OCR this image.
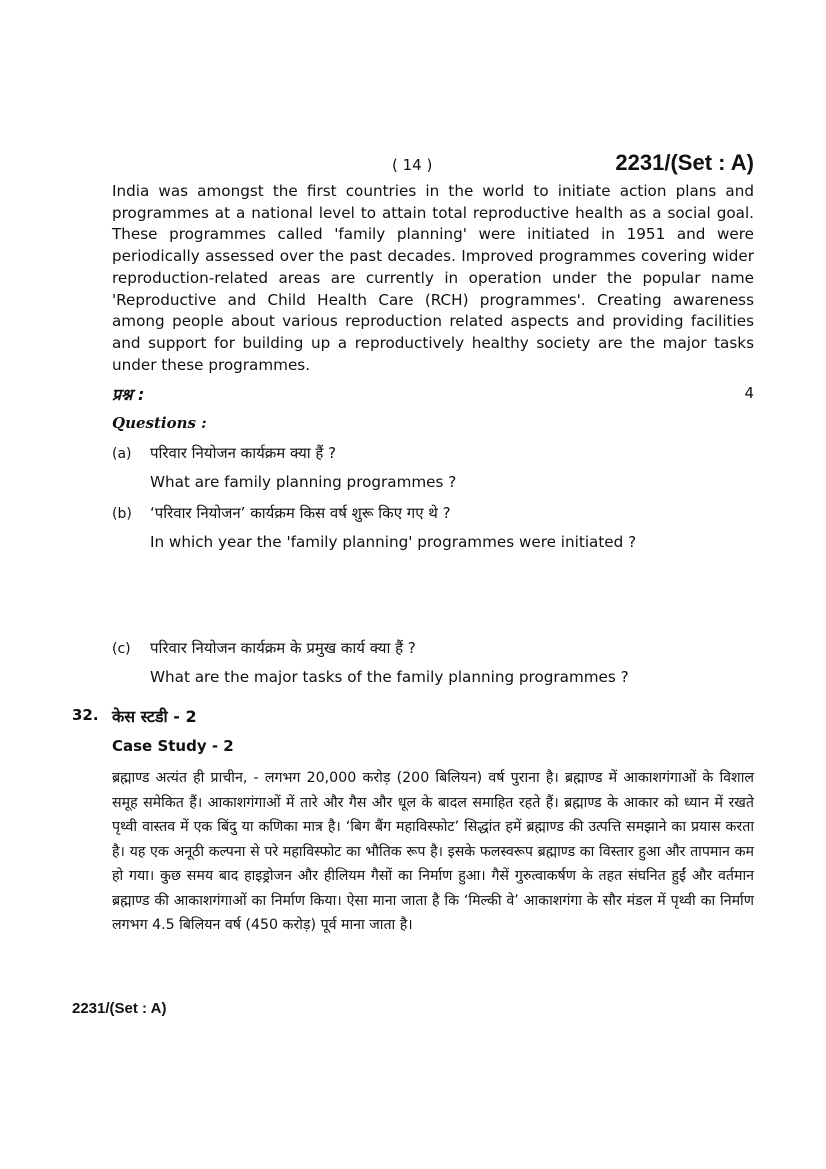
( 14 )	2231/(Set : A)
India was amongst the first countries in the world to initiate action plans and programmes at a national level to attain total reproductive health as a social goal. These programmes called 'family planning' were initiated in 1951 and were periodically assessed over the past decades. Improved programmes covering wider reproduction-related areas are currently in operation under the popular name 'Reproductive and Child Health Care (RCH) programmes'. Creating awareness among people about various reproduction related aspects and providing facilities and support for building up a reproductively healthy society are the major tasks under these programmes.
प्रश्न :	4
Questions :
(a) परिवार नियोजन कार्यक्रम क्या हैं ?
What are family planning programmes ?
(b) ‘परिवार नियोजन’ कार्यक्रम किस वर्ष शुरू किए गए थे ?
In which year the 'family planning' programmes were initiated ?
(c) परिवार नियोजन कार्यक्रम के प्रमुख कार्य क्या हैं ?
What are the major tasks of the family planning programmes ?
32. केस स्टडी - 2
Case Study - 2
ब्रह्माण्ड अत्यंत ही प्राचीन, - लगभग 20,000 करोड़ (200 बिलियन) वर्ष पुराना है। ब्रह्माण्ड में आकाशगंगाओं के विशाल समूह समेकित हैं। आकाशगंगाओं में तारे और गैस और धूल के बादल समाहित रहते हैं। ब्रह्माण्ड के आकार को ध्यान में रखते पृथ्वी वास्तव में एक बिंदु या कणिका मात्र है। ‘बिग बैंग महाविस्फोट’ सिद्धांत हमें ब्रह्माण्ड की उत्पत्ति समझाने का प्रयास करता है। यह एक अनूठी कल्पना से परे महाविस्फोट का भौतिक रूप है। इसके फलस्वरूप ब्रह्माण्ड का विस्तार हुआ और तापमान कम हो गया। कुछ समय बाद हाइड्रोजन और हीलियम गैसों का निर्माण हुआ। गैसें गुरुत्वाकर्षण के तहत संघनित हुईं और वर्तमान ब्रह्माण्ड की आकाशगंगाओं का निर्माण किया। ऐसा माना जाता है कि ‘मिल्की वे’ आकाशगंगा के सौर मंडल में पृथ्वी का निर्माण लगभग 4.5 बिलियन वर्ष (450 करोड़) पूर्व माना जाता है।
2231/(Set : A)
